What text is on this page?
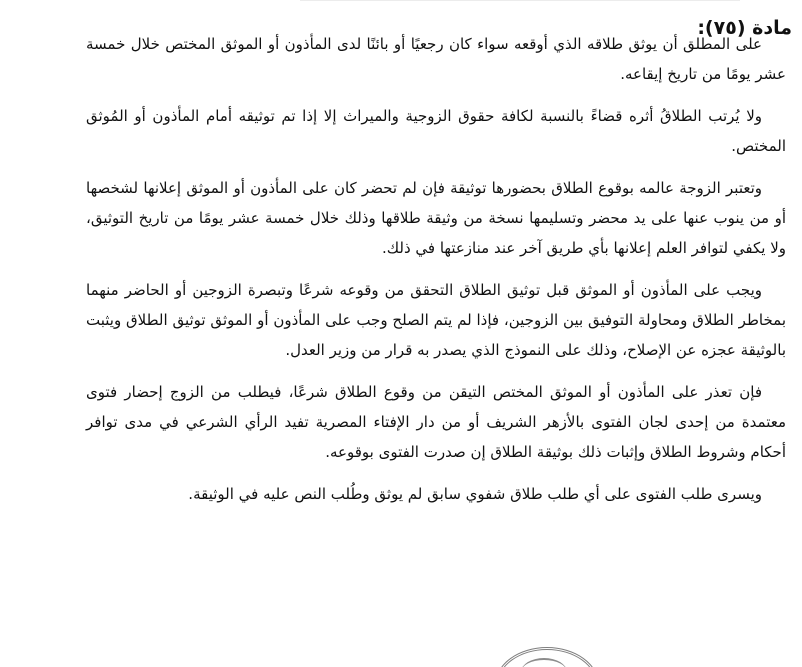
مادة (٧٥):

على المطلق أن يوثق طلاقه الذي أوقعه سواء كان رجعيًا أو بائنًا لدى المأذون أو الموثق المختص خلال خمسة عشر يومًا من تاريخ إيقاعه.

ولا يُرتب الطلاقُ أثره قضاءً بالنسبة لكافة حقوق الزوجية والميراث إلا إذا تم توثيقه أمام المأذون أو المُوثق المختص.

وتعتبر الزوجة عالمه بوقوع الطلاق بحضورها توثيقة فإن لم تحضر كان على المأذون أو الموثق إعلانها لشخصها أو من ينوب عنها على يد محضر وتسليمها نسخة من وثيقة طلاقها وذلك خلال خمسة عشر يومًا من تاريخ التوثيق، ولا يكفي لتوافر العلم إعلانها بأي طريق آخر عند منازعتها في ذلك.

ويجب على المأذون أو الموثق قبل توثيق الطلاق التحقق من وقوعه شرعًا وتبصرة الزوجين أو الحاضر منهما بمخاطر الطلاق ومحاولة التوفيق بين الزوجين، فإذا لم يتم الصلح وجب على المأذون أو الموثق توثيق الطلاق ويثبت بالوثيقة عجزه عن الإصلاح، وذلك على النموذج الذي يصدر به قرار من وزير العدل.

فإن تعذر على المأذون أو الموثق المختص التيقن من وقوع الطلاق شرعًا، فيطلب من الزوج إحضار فتوى معتمدة من إحدى لجان الفتوى بالأزهر الشريف أو من دار الإفتاء المصرية تفيد الرأي الشرعي في مدى توافر أحكام وشروط الطلاق وإثبات ذلك بوثيقة الطلاق إن صدرت الفتوى بوقوعه.

ويسرى طلب الفتوى على أي طلب طلاق شفوي سابق لم يوثق وطُلب النص عليه في الوثيقة.
